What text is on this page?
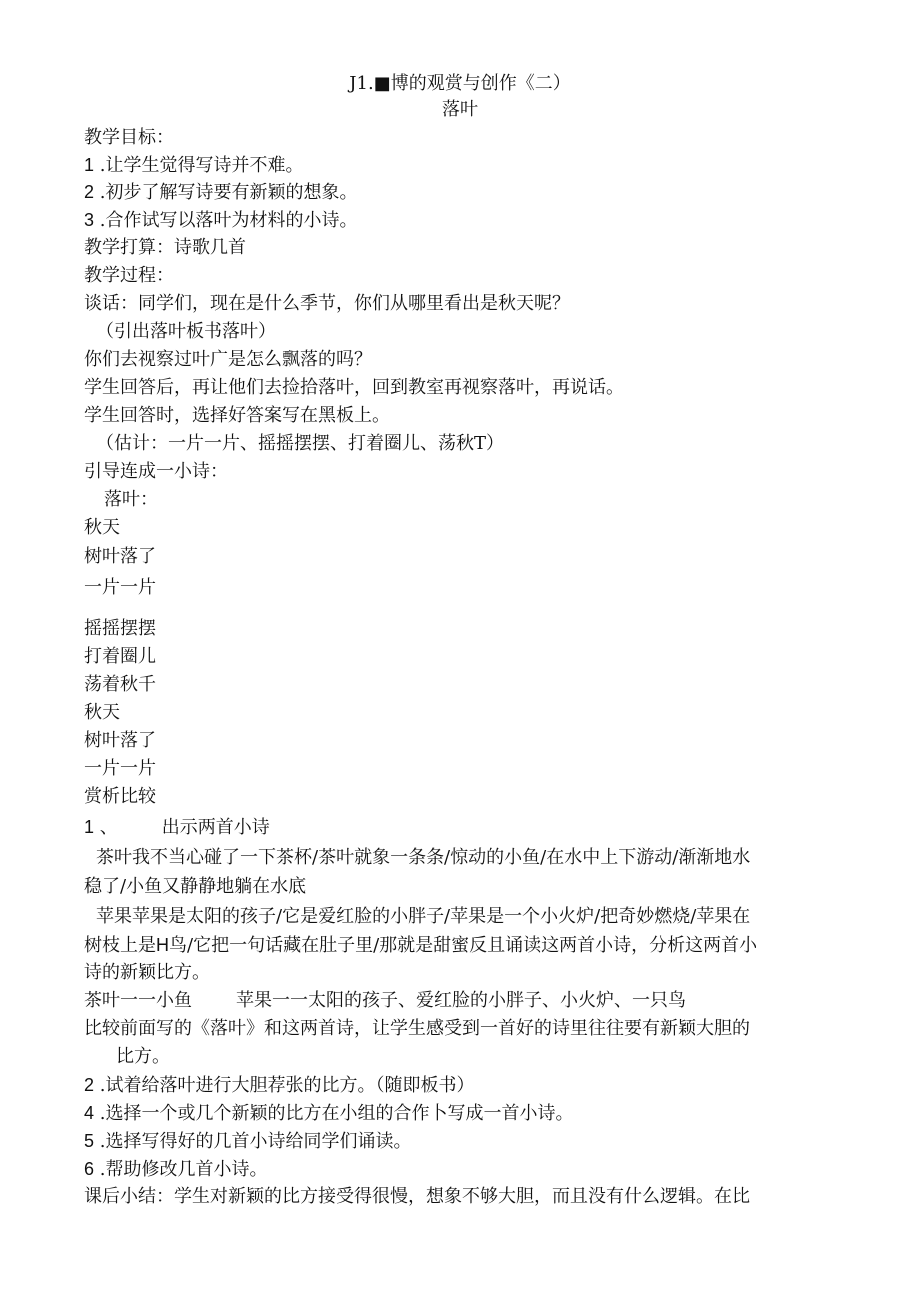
J1.■博的观赏与创作《二）
落叶
教学目标：
1 .让学生觉得写诗并不难。
2 .初步了解写诗要有新颖的想象。
3 .合作试写以落叶为材料的小诗。
教学打算：诗歌几首
教学过程：
谈话：同学们，现在是什么季节，你们从哪里看出是秋天呢？
（引出落叶板书落叶）
你们去视察过叶广是怎么飘落的吗？
学生回答后，再让他们去捡拾落叶，回到教室再视察落叶，再说话。
学生回答时，选择好答案写在黑板上。
（估计：一片一片、摇摇摆摆、打着圈儿、荡秋T）
引导连成一小诗：
落叶：
秋天
树叶落了
一片一片
摇摇摆摆
打着圈儿
荡着秋千
秋天
树叶落了
一片一片
赏析比较
1 、 出示两首小诗
茶叶我不当心碰了一下茶杯/茶叶就象一条条/惊动的小鱼/在水中上下游动/渐渐地水
稳了/小鱼又静静地躺在水底
苹果苹果是太阳的孩子/它是爱红脸的小胖子/苹果是一个小火炉/把奇妙燃烧/苹果在
树枝上是H鸟/它把一句话藏在肚子里/那就是甜蜜反且诵读这两首小诗，分析这两首小
诗的新颖比方。
茶叶一一小鱼 苹果一一太阳的孩子、爱红脸的小胖子、小火炉、一只鸟
比较前面写的《落叶》和这两首诗，让学生感受到一首好的诗里往往要有新颖大胆的
比方。
2 .试着给落叶进行大胆荐张的比方。（随即板书）
4 .选择一个或几个新颖的比方在小组的合作卜写成一首小诗。
5 .选择写得好的几首小诗给同学们诵读。
6 .帮助修改几首小诗。
课后小结：学生对新颖的比方接受得很慢，想象不够大胆，而且没有什么逻辑。在比
